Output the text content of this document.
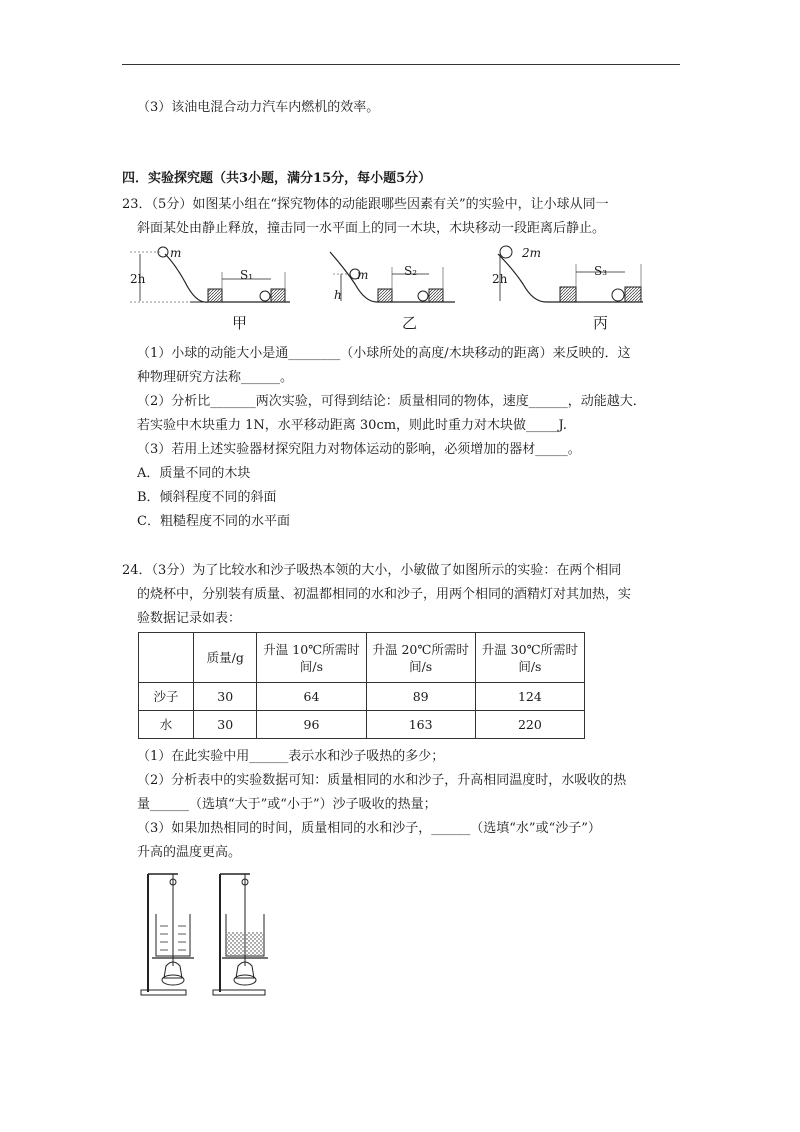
（3）该油电混合动力汽车内燃机的效率。
四．实验探究题（共3小题，满分15分，每小题5分）
23．（5分）如图某小组在“探究物体的动能跟哪些因素有关”的实验中，让小球从同一
斜面某处由静止释放，撞击同一水平面上的同一木块，木块移动一段距离后静止。
2h
m
S₁
甲
h
m	S₂
乙
2h
2m
S₃
丙
（1）小球的动能大小是通________（小球所处的高度/木块移动的距离）来反映的．这
种物理研究方法称______。
（2）分析比_______两次实验，可得到结论：质量相同的物体，速度______，动能越大．
若实验中木块重力 1N，水平移动距离 30cm，则此时重力对木块做_____J.
（3）若用上述实验器材探究阻力对物体运动的影响，必须增加的器材_____。
A．质量不同的木块
B．倾斜程度不同的斜面
C．粗糙程度不同的水平面
24．（3分）为了比较水和沙子吸热本领的大小，小敏做了如图所示的实验：在两个相同
的烧杯中，分别装有质量、初温都相同的水和沙子，用两个相同的酒精灯对其加热，实
验数据记录如表：
	质量/g	升温 10℃所需时间/s	升温 20℃所需时间/s	升温 30℃所需时间/s
沙子	30	64	89	124
水	30	96	163	220
（1）在此实验中用______表示水和沙子吸热的多少；
（2）分析表中的实验数据可知：质量相同的水和沙子，升高相同温度时，水吸收的热
量______（选填“大于”或“小于”）沙子吸收的热量；
（3）如果加热相同的时间，质量相同的水和沙子，______（选填“水”或“沙子”）
升高的温度更高。
